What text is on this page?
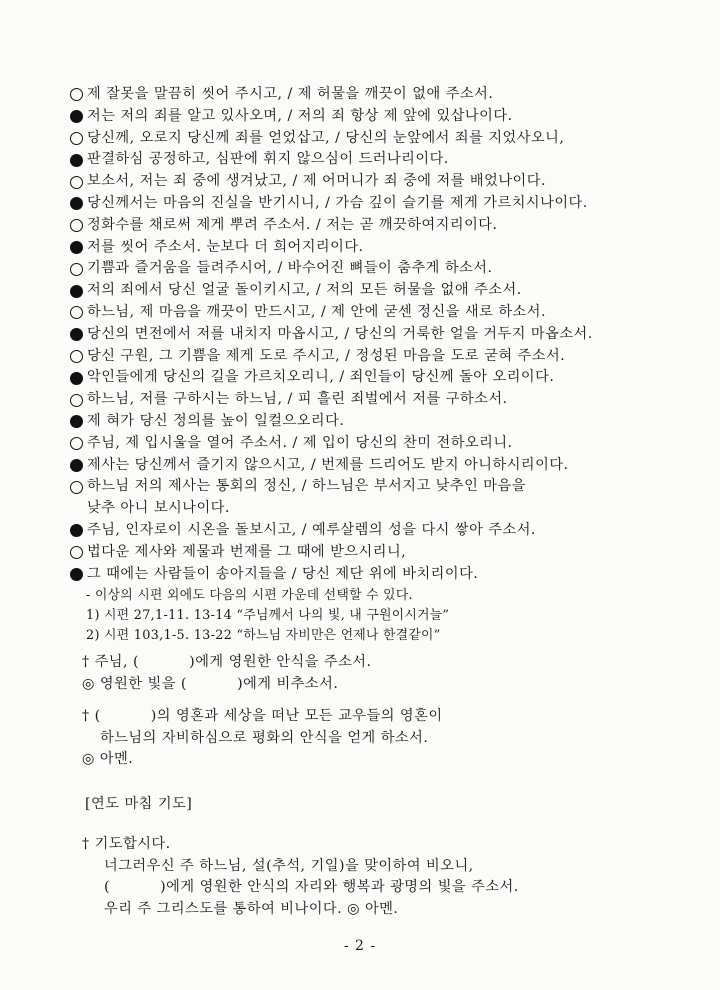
제 잘못을 말끔히 씻어 주시고, / 제 허물을 깨끗이 없애 주소서.
저는 저의 죄를 알고 있사오며, / 저의 죄 항상 제 앞에 있삽나이다.
당신께, 오로지 당신께 죄를 얻었삽고, / 당신의 눈앞에서 죄를 지었사오니,
판결하심 공정하고, 심판에 휘지 않으심이 드러나리이다.
보소서, 저는 죄 중에 생겨났고, / 제 어머니가 죄 중에 저를 배었나이다.
당신께서는 마음의 진실을 반기시니, / 가슴 깊이 슬기를 제게 가르치시나이다.
정화수를 채로써 제게 뿌려 주소서. / 저는 곧 깨끗하여지리이다.
저를 씻어 주소서. 눈보다 더 희어지리이다.
기쁨과 즐거움을 들려주시어, / 바수어진 뼈들이 춤추게 하소서.
저의 죄에서 당신 얼굴 돌이키시고, / 저의 모든 허물을 없애 주소서.
하느님, 제 마음을 깨끗이 만드시고, / 제 안에 굳센 정신을 새로 하소서.
당신의 면전에서 저를 내치지 마옵시고, / 당신의 거룩한 얼을 거두지 마옵소서.
당신 구원, 그 기쁨을 제게 도로 주시고, / 정성된 마음을 도로 굳혀 주소서.
악인들에게 당신의 길을 가르치오리니, / 죄인들이 당신께 돌아 오리이다.
하느님, 저를 구하시는 하느님, / 피 흘린 죄벌에서 저를 구하소서.
제 혀가 당신 정의를 높이 일컬으오리다.
주님, 제 입시울을 열어 주소서. / 제 입이 당신의 찬미 전하오리니.
제사는 당신께서 즐기지 않으시고, / 번제를 드리어도 받지 아니하시리이다.
하느님 저의 제사는 통회의 정신, / 하느님은 부서지고 낮추인 마음을
낮추 아니 보시나이다.
주님, 인자로이 시온을 돌보시고, / 예루살렘의 성을 다시 쌓아 주소서.
법다운 제사와 제물과 번제를 그 때에 받으시리니,
그 때에는 사람들이 송아지들을 / 당신 제단 위에 바치리이다.
- 이상의 시편 외에도 다음의 시편 가운데 선택할 수 있다.
1) 시편 27,1-11. 13-14 “주님께서 나의 빛, 내 구원이시거늘”
2) 시편 103,1-5. 13-22 “하느님 자비만은 언제나 한결같이”
† 주님, (          )에게 영원한 안식을 주소서.
◎ 영원한 빛을 (          )에게 비추소서.
† (          )의 영혼과 세상을 떠난 모든 교우들의 영혼이
하느님의 자비하심으로 평화의 안식을 얻게 하소서.
◎ 아멘.
[연도 마침 기도]
† 기도합시다.
너그러우신 주 하느님, 설(추석, 기일)을 맞이하여 비오니,
(          )에게 영원한 안식의 자리와 행복과 광명의 빛을 주소서.
우리 주 그리스도를 통하여 비나이다. ◎ 아멘.
- 2 -
